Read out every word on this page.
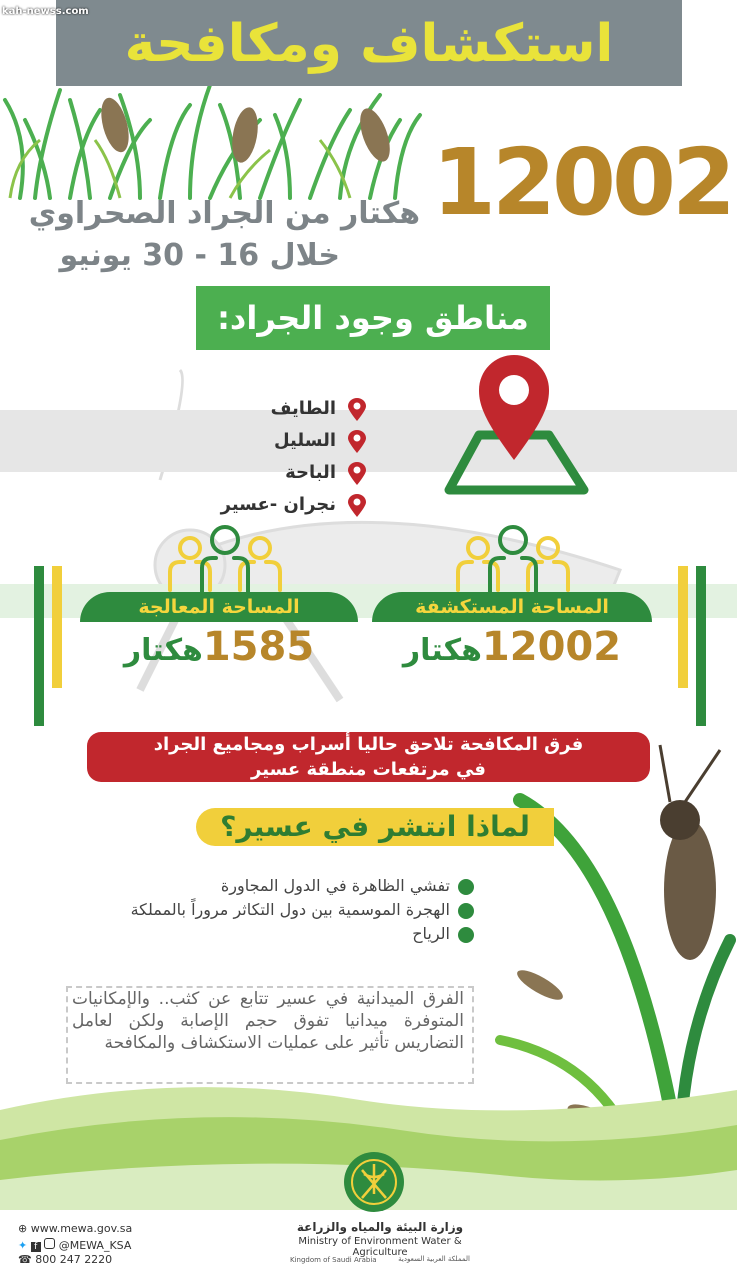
kah-newss.com
استكشاف ومكافحة
12002
هكتار من الجراد الصحراوي
خلال 16 - 30 يونيو
مناطق وجود الجراد:
الطايف
السليل
الباحة
نجران -عسير
المساحة المعالجة	المساحة المستكشفة
1585هكتار	12002هكتار
فرق المكافحة تلاحق حاليا أسراب ومجاميع الجراد
في مرتفعات منطقة عسير
لماذا انتشر في عسير؟
تفشي الظاهرة في الدول المجاورة
الهجرة الموسمية بين دول التكاثر مروراً بالمملكة
الرياح
الفرق الميدانية في عسير تتابع عن كثب.. والإمكانيات المتوفرة ميدانيا تفوق حجم الإصابة ولكن لعامل التضاريس تأثير على عمليات الاستكشاف والمكافحة
وزارة البيئة والمياه والزراعة
Ministry of Environment Water & Agriculture
Kingdom of Saudi Arabia	المملكة العربية السعودية
⊕ www.mewa.gov.sa
✦ f @MEWA_KSA
☎ 800 247 2220
